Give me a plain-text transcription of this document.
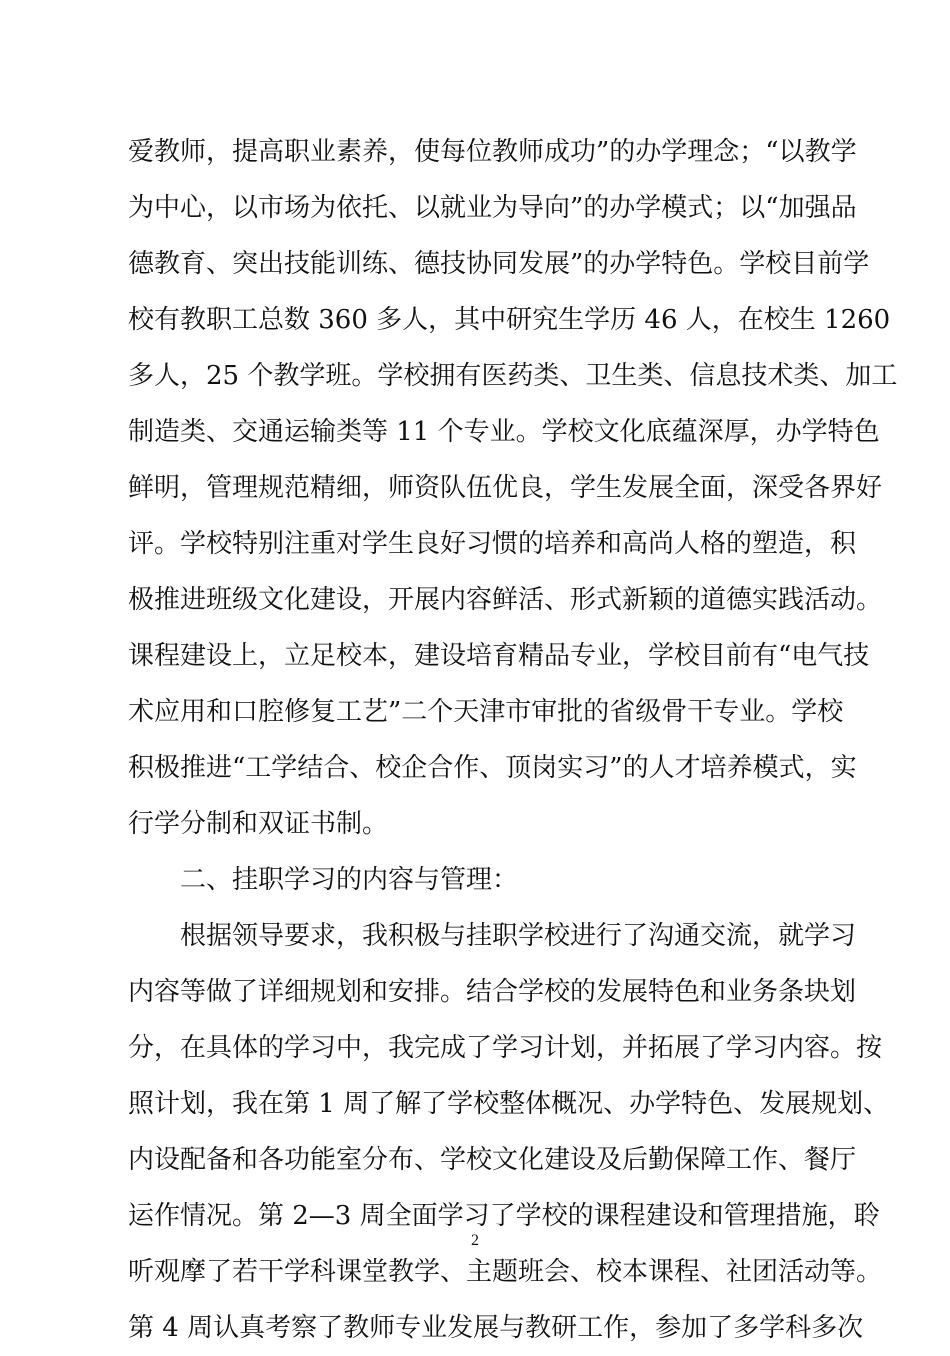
爱教师，提高职业素养，使每位教师成功”的办学理念；“以教学
为中心，以市场为依托、以就业为导向”的办学模式；以“加强品
德教育、突出技能训练、德技协同发展”的办学特色。学校目前学
校有教职工总数 360 多人，其中研究生学历 46 人，在校生 1260
多人，25 个教学班。学校拥有医药类、卫生类、信息技术类、加工
制造类、交通运输类等 11 个专业。学校文化底蕴深厚，办学特色
鲜明，管理规范精细，师资队伍优良，学生发展全面，深受各界好
评。学校特别注重对学生良好习惯的培养和高尚人格的塑造，积
极推进班级文化建设，开展内容鲜活、形式新颖的道德实践活动。
课程建设上，立足校本，建设培育精品专业，学校目前有“电气技
术应用和口腔修复工艺”二个天津市审批的省级骨干专业。学校
积极推进“工学结合、校企合作、顶岗实习”的人才培养模式，实
行学分制和双证书制。
二、挂职学习的内容与管理：
根据领导要求，我积极与挂职学校进行了沟通交流，就学习
内容等做了详细规划和安排。结合学校的发展特色和业务条块划
分，在具体的学习中，我完成了学习计划，并拓展了学习内容。按
照计划，我在第 1 周了解了学校整体概况、办学特色、发展规划、
内设配备和各功能室分布、学校文化建设及后勤保障工作、餐厅
运作情况。第 2—3 周全面学习了学校的课程建设和管理措施，聆
听观摩了若干学科课堂教学、主题班会、校本课程、社团活动等。
第 4 周认真考察了教师专业发展与教研工作，参加了多学科多次
2
